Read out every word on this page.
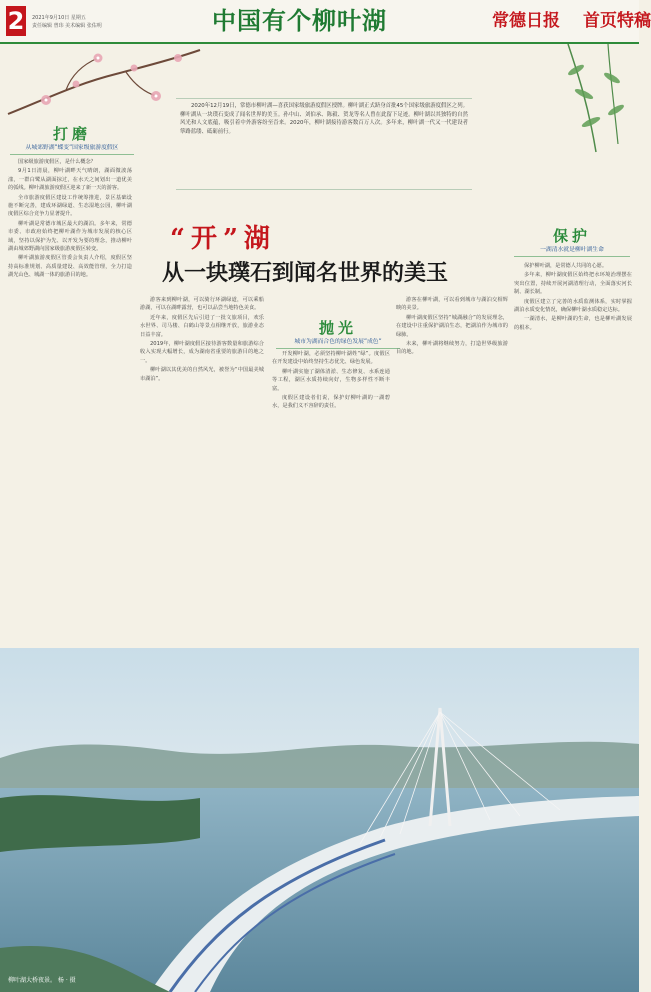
2	2021年9月10日 星期五
责任编辑 曾玮 美术编辑 张佑明	中国有个柳叶湖	常德日报 首页特稿

2020年12月19日，常德市柳叶湖—喜获国家级旅游度假区授牌。柳叶湖正式跻身首批45个国家级旅游度假区之列。柳叶湖从一块璞石变成了闻名世界的美玉。孙中山、刘伯承、陈毅、贺龙等名人曾在此留下足迹。柳叶湖以其独特的自然风光和人文底蕴，吸引着中外游客纷至沓来。2020年，柳叶湖接待游客数百万人次。多年来，柳叶湖一代又一代建设者筚路蓝缕、砥砺前行。

“开”湖
从一块璞石到闻名世界的美玉
打磨
从城郊野湖”蝶变”国家级旅游度假区
抛光
城市为湖而合色的绿色发展”成色”
保护
一湖清水就是柳叶湖生命

国家级旅游度假区，是什么概念？

9月1日清晨，柳叶湖畔天气晴朗，湖面微波荡漾，一群白鹭从湖面掠过，在水天之间划出一道优美的弧线。柳叶湖旅游度假区迎来了新一天的游客。

全市旅游度假区建设工作统筹推进，景区基础设施不断完善，建成环湖绿道、生态湿地公园，柳叶湖度假区综合竞争力显著提升。

柳叶湖是常德市城区最大的湖泊。多年来，常德市委、市政府始终把柳叶湖作为城市发展的核心区域，坚持以保护为先、以开发为要的理念，推动柳叶湖由城郊野湖向国家级旅游度假区转变。

柳叶湖旅游度假区管委会负责人介绍，度假区坚持高标准规划、高质量建设、高效能管理，全力打造湖光山色、城湖一体的旅游目的地。

游客来到柳叶湖，可以骑行环湖绿道，可以乘船游湖，可以在湖畔露营，也可以品尝当地特色美食。

近年来，度假区先后引进了一批文旅项目，欢乐水世界、司马楼、白鹤山等景点相继开放，旅游业态日益丰富。

2019年，柳叶湖度假区接待游客数量和旅游综合收入实现大幅增长，成为湖南省重要的旅游目的地之一。

柳叶湖以其优美的自然风光，被誉为“中国最美城市湖泊”。

开发柳叶湖，必须坚持柳叶湖姓“绿”。度假区在开发建设中始终坚持生态优先、绿色发展。

柳叶湖实施了湖体清淤、生态修复、水系连通等工程，湖区水质持续向好，生物多样性不断丰富。

度假区建设者们说，保护好柳叶湖的一湖碧水，是我们义不容辞的责任。

游客在柳叶湖，可以看到城市与湖泊交相辉映的美景。

柳叶湖度假区坚持“城湖融合”的发展理念，在建设中注重保护湖泊生态，把湖泊作为城市的绿肺。

未来，柳叶湖将继续努力，打造世界级旅游目的地。

保护柳叶湖，是常德人共同的心愿。

多年来，柳叶湖度假区始终把水环境治理摆在突出位置，持续开展河湖清理行动，全面落实河长制、湖长制。

度假区建立了完善的水质监测体系，实时掌握湖泊水质变化情况，确保柳叶湖水质稳定达标。

一湖清水，是柳叶湖的生命，也是柳叶湖发展的根本。

柳叶湖大桥夜景。 杨 · 摄
